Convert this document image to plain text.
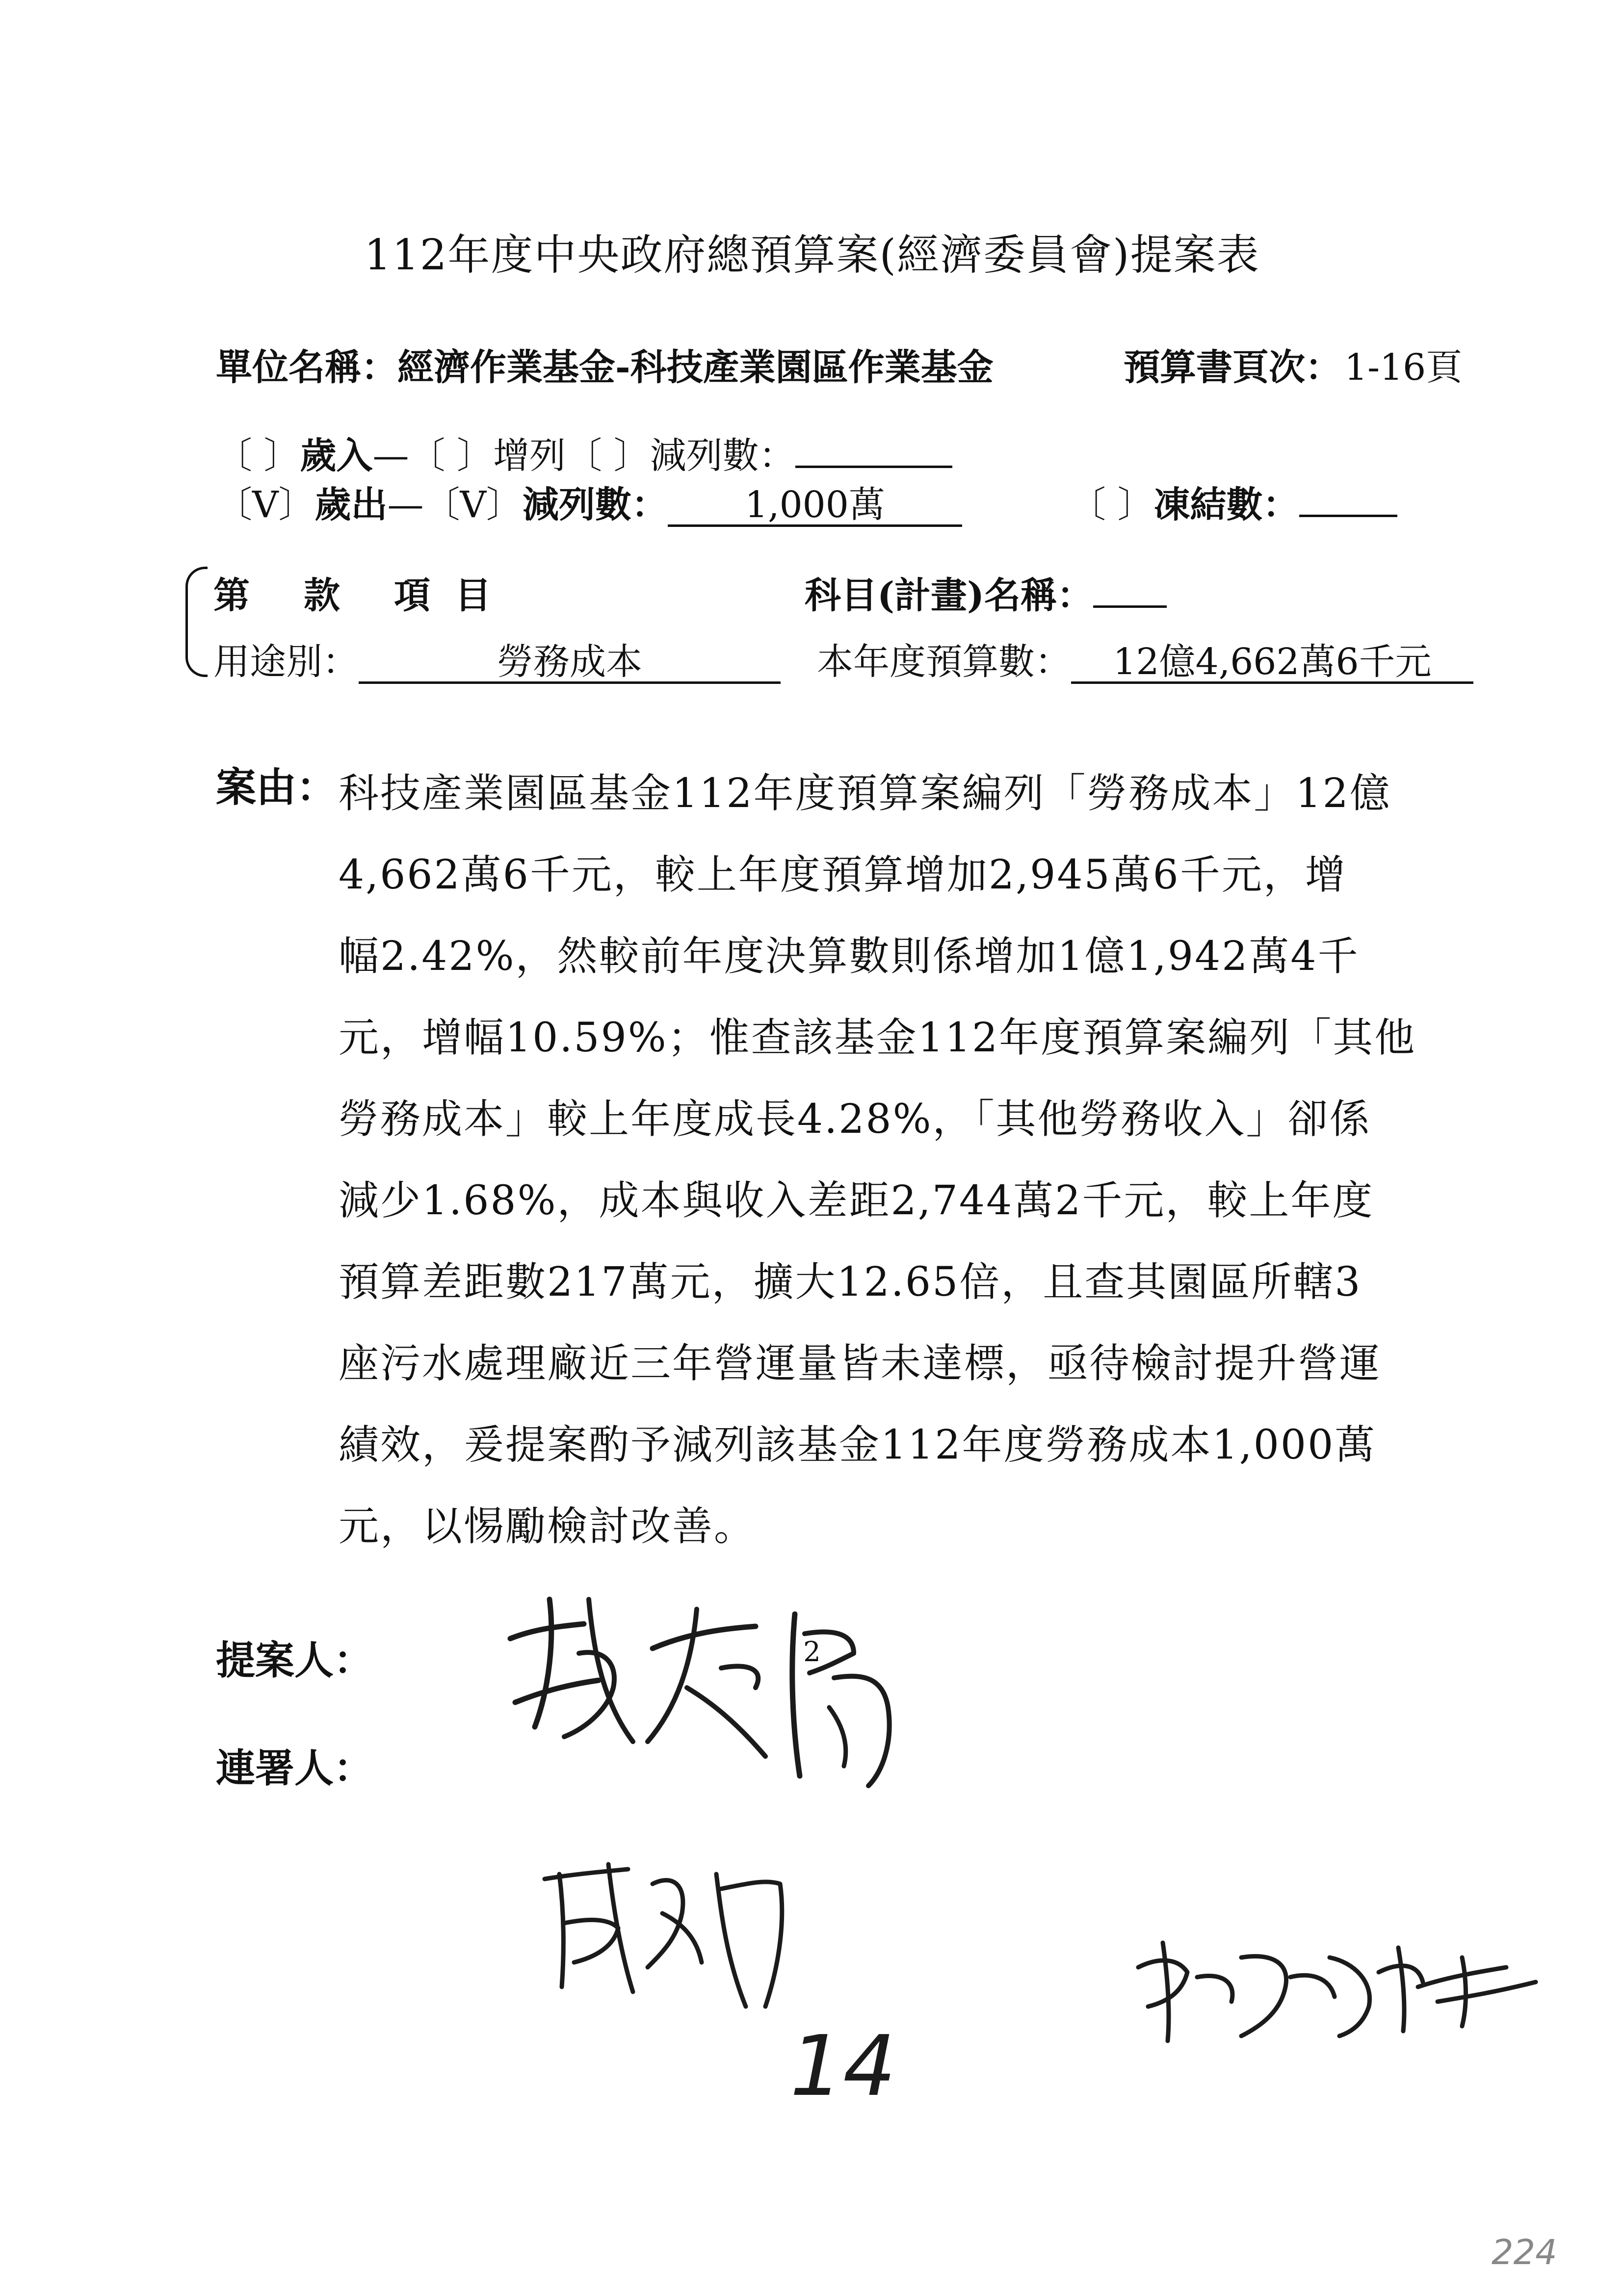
112年度中央政府總預算案(經濟委員會)提案表
單位名稱： 經濟作業基金-科技產業園區作業基金	預算書頁次： 1-16頁
〔 〕歲入—〔 〕增列〔 〕減列數：
〔V〕歲出—〔V〕減列數： 1,000萬	〔 〕凍結數：
第 款 項 目	科目(計畫)名稱：
用途別：	勞務成本	本年度預算數： 12億4,662萬6千元
案由： 科技產業園區基金112年度預算案編列「勞務成本」12億
4,662萬6千元，較上年度預算增加2,945萬6千元，增
幅2.42%，然較前年度決算數則係增加1億1,942萬4千
元，增幅10.59%；惟查該基金112年度預算案編列「其他
勞務成本」較上年度成長4.28%，「其他勞務收入」卻係
減少1.68%，成本與收入差距2,744萬2千元，較上年度
預算差距數217萬元，擴大12.65倍，且查其園區所轄3
座污水處理廠近三年營運量皆未達標，亟待檢討提升營運
績效，爰提案酌予減列該基金112年度勞務成本1,000萬
元，以惕勵檢討改善。
提案人：
連署人：
14
2
224
